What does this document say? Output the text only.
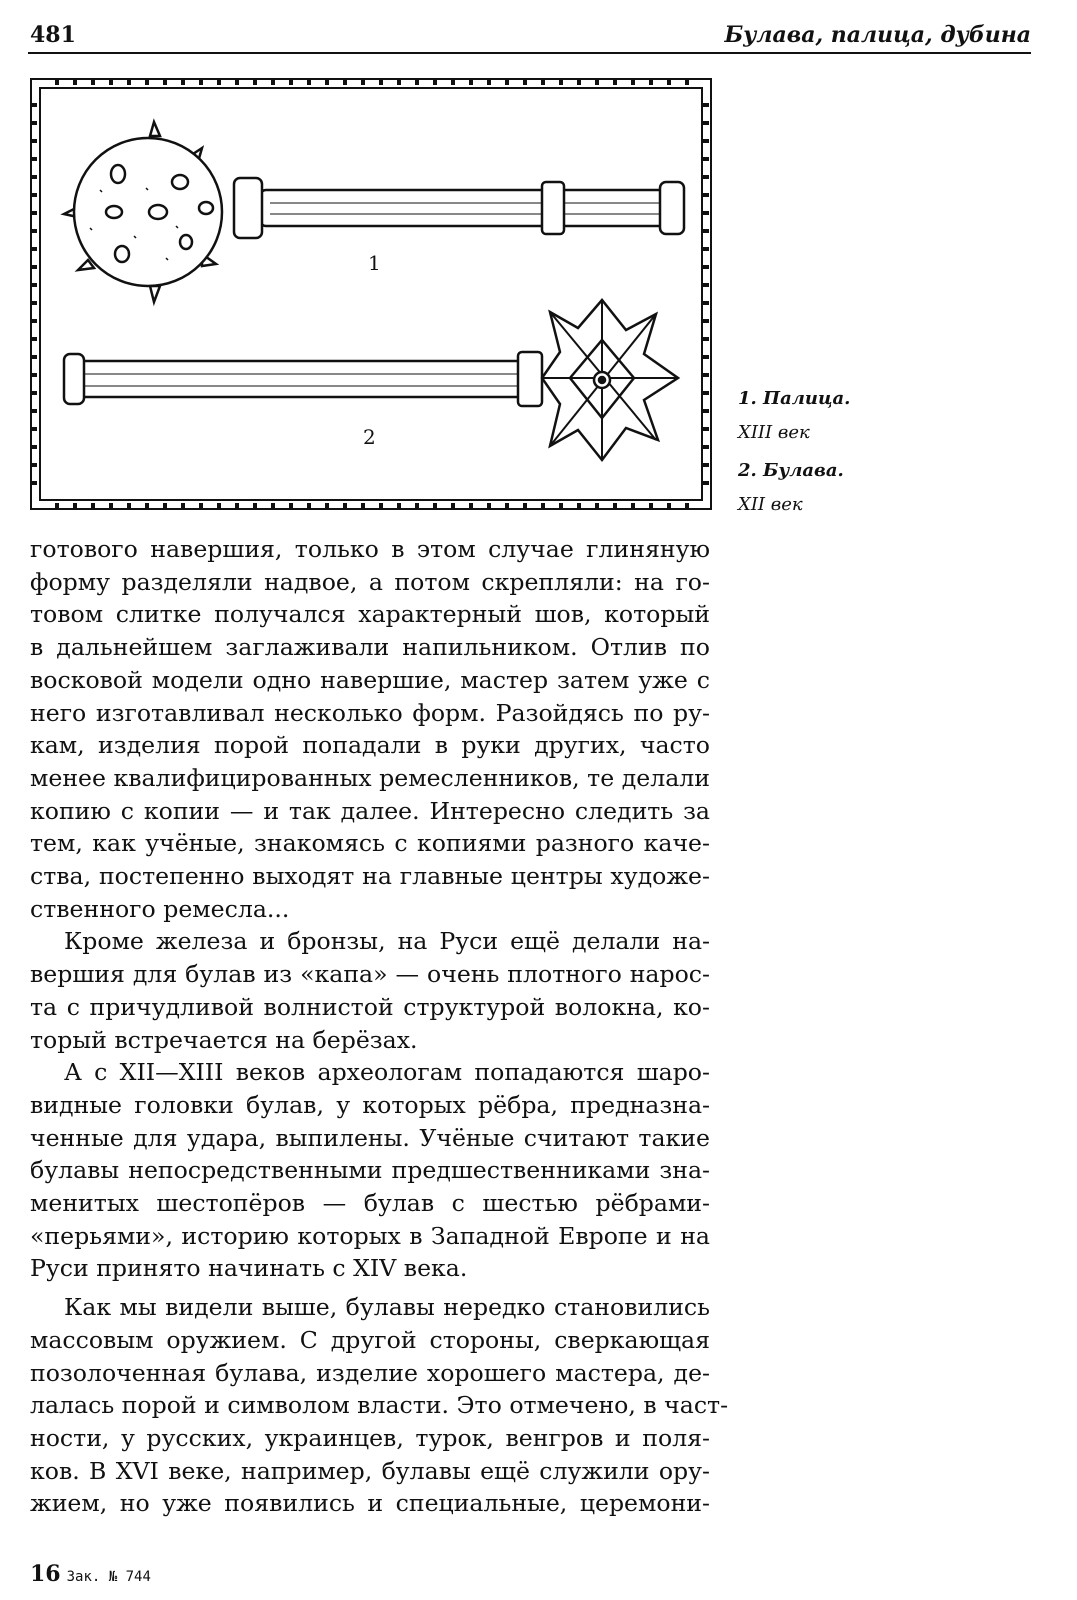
481	Булава, палица, дубина
1
2
1. Палица.
XIII век
2. Булава.
XII век
готового навершия, только в этом случае глиняную
форму разделяли надвое, а потом скрепляли: на го-
товом слитке получался характерный шов, который
в дальнейшем заглаживали напильником. Отлив по
восковой модели одно навершие, мастер затем уже с
него изготавливал несколько форм. Разойдясь по ру-
кам, изделия порой попадали в руки других, часто
менее квалифицированных ремесленников, те делали
копию с копии — и так далее. Интересно следить за
тем, как учёные, знакомясь с копиями разного каче-
ства, постепенно выходят на главные центры художе-
ственного ремесла...
Кроме железа и бронзы, на Руси ещё делали на-
вершия для булав из «капа» — очень плотного нарос-
та с причудливой волнистой структурой волокна, ко-
торый встречается на берёзах.
А с XII—XIII веков археологам попадаются шаро-
видные головки булав, у которых рёбра, предназна-
ченные для удара, выпилены. Учёные считают такие
булавы непосредственными предшественниками зна-
менитых шестопёров — булав с шестью рёбрами-
«перьями», историю которых в Западной Европе и на
Руси принято начинать с XIV века.
Как мы видели выше, булавы нередко становились
массовым оружием. С другой стороны, сверкающая
позолоченная булава, изделие хорошего мастера, де-
лалась порой и символом власти. Это отмечено, в част-
ности, у русских, украинцев, турок, венгров и поля-
ков. В XVI веке, например, булавы ещё служили ору-
жием, но уже появились и специальные, церемони-
16 Зак. № 744
